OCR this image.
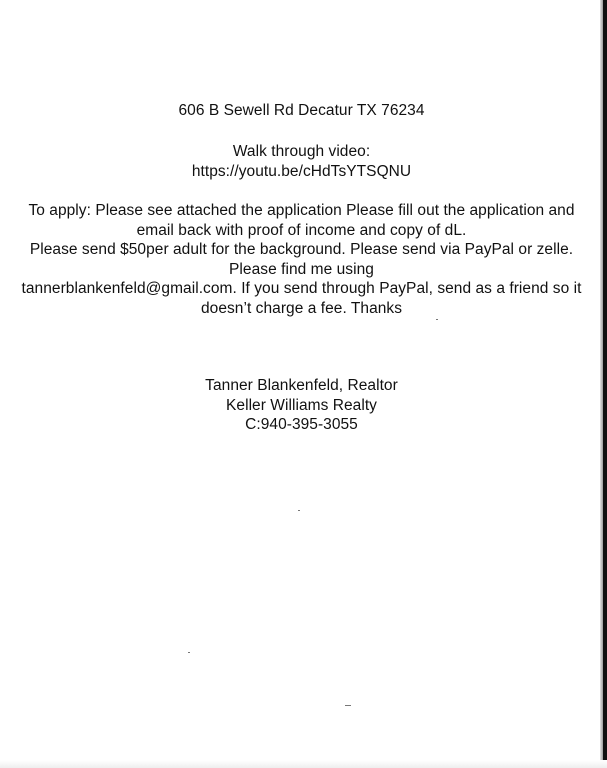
606 B Sewell Rd Decatur TX 76234
Walk through video:
https://youtu.be/cHdTsYTSQNU
To apply: Please see attached the application Please fill out the application and
email back with proof of income and copy of dL.
Please send $50per adult for the background. Please send via PayPal or zelle.
Please find me using
tannerblankenfeld@gmail.com. If you send through PayPal, send as a friend so it
doesn’t charge a fee. Thanks
Tanner Blankenfeld, Realtor
Keller Williams Realty
C:940-395-3055
